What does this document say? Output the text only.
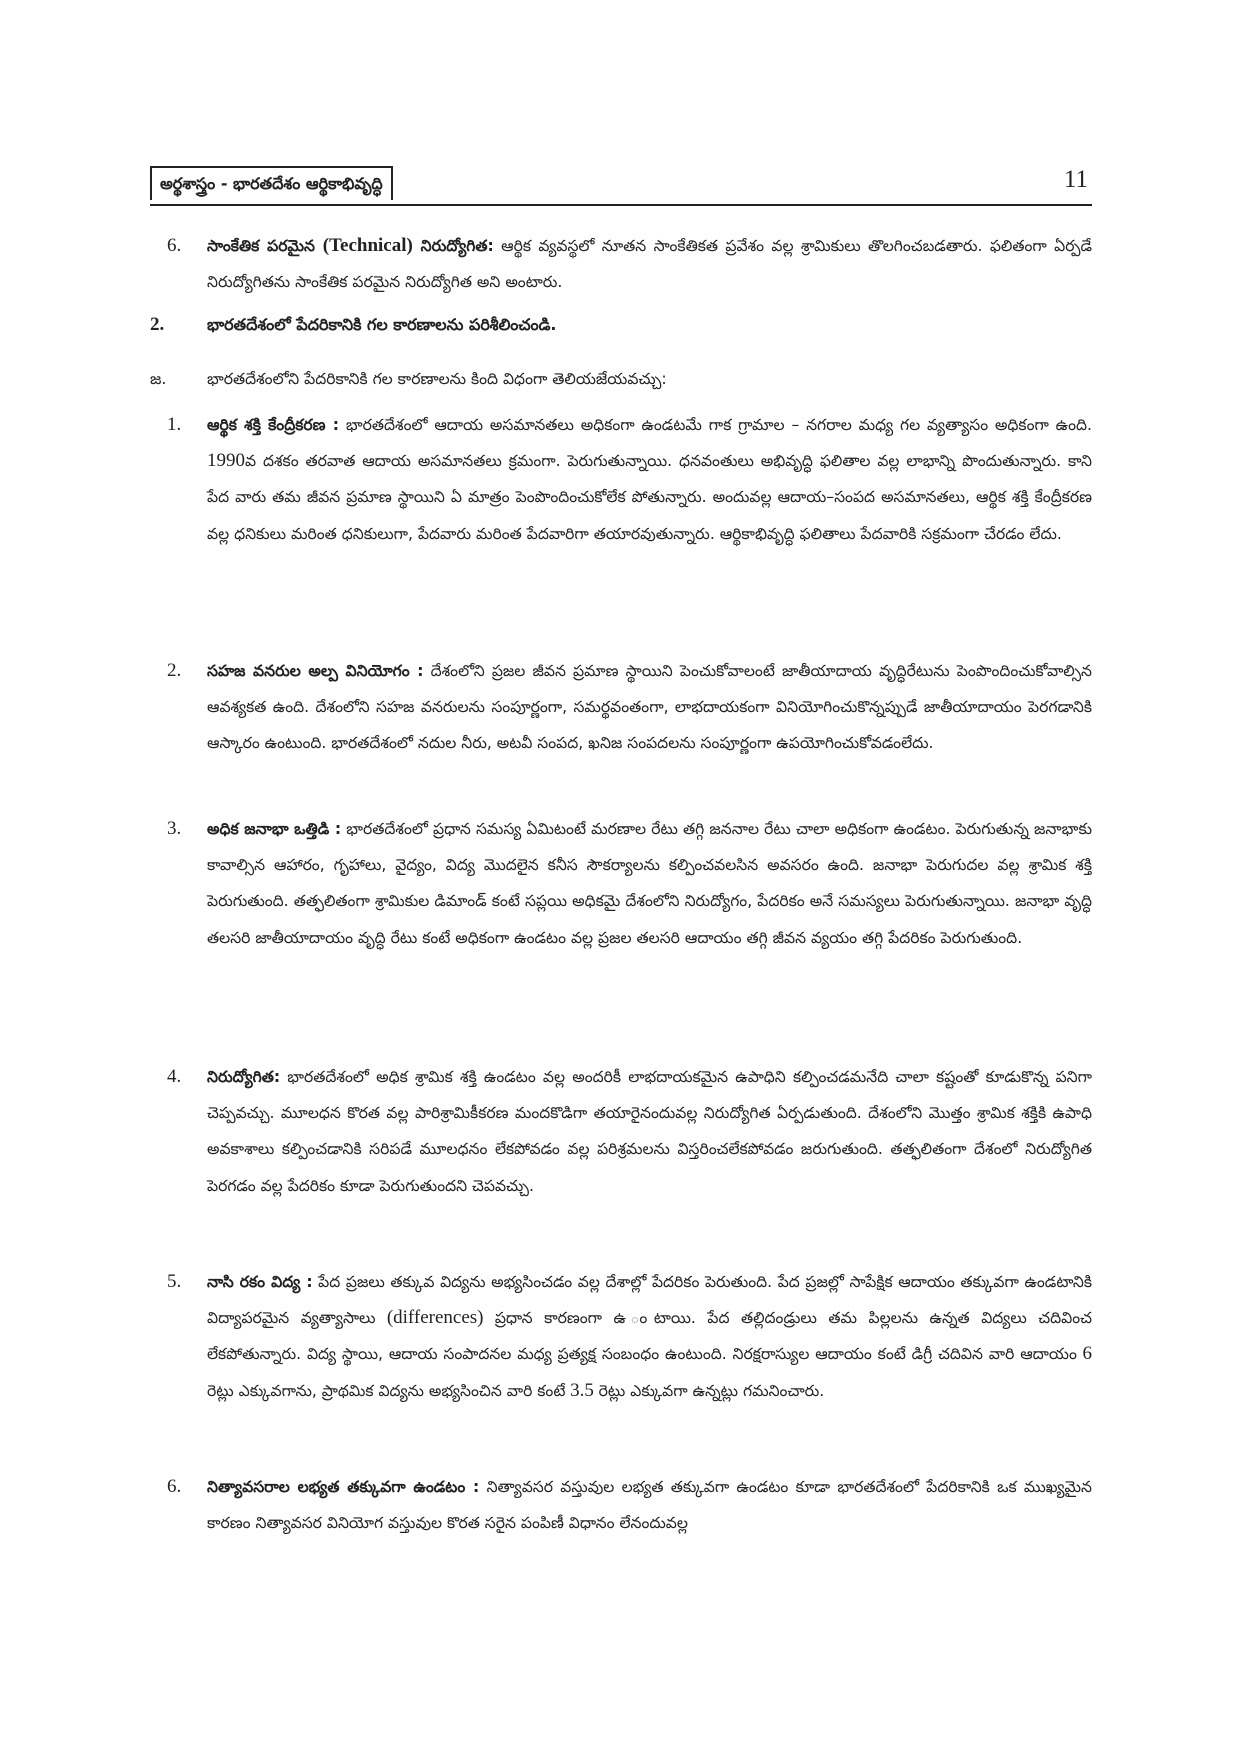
అర్థశాస్త్రం - భారతదేశం ఆర్థికాభివృద్ధి	11
6. సాంకేతిక పరమైన (Technical) నిరుద్యోగిత: ఆర్థిక వ్యవస్థలో నూతన సాంకేతికత ప్రవేశం వల్ల శ్రామికులు తొలగించబడతారు. ఫలితంగా ఏర్పడే నిరుద్యోగితను సాంకేతిక పరమైన నిరుద్యోగిత అని అంటారు.
2.	భారతదేశంలో పేదరికానికి గల కారణాలను పరిశీలించండి.
జ.	భారతదేశంలోని పేదరికానికి గల కారణాలను కింది విధంగా తెలియజేయవచ్చు:
1. ఆర్థిక శక్తి కేంద్రీకరణ : భారతదేశంలో ఆదాయ అసమానతలు అధికంగా ఉండటమే గాక గ్రామాల – నగరాల మధ్య గల వ్యత్యాసం అధికంగా ఉంది. 1990వ దశకం తరవాత ఆదాయ అసమానతలు క్రమంగా. పెరుగుతున్నాయి. ధనవంతులు అభివృద్ధి ఫలితాల వల్ల లాభాన్ని పొందుతున్నారు. కాని పేద వారు తమ జీవన ప్రమాణ స్థాయిని ఏ మాత్రం పెంపొందించుకోలేక పోతున్నారు. అందువల్ల ఆదాయ–సంపద అసమానతలు, ఆర్థిక శక్తి కేంద్రీకరణ వల్ల ధనికులు మరింత ధనికులుగా, పేదవారు మరింత పేదవారిగా తయారవుతున్నారు. ఆర్థికాభివృద్ధి ఫలితాలు పేదవారికి సక్రమంగా చేరడం లేదు.
2. సహజ వనరుల అల్ప వినియోగం : దేశంలోని ప్రజల జీవన ప్రమాణ స్థాయిని పెంచుకోవాలంటే జాతీయాదాయ వృద్ధిరేటును పెంపొందించుకోవాల్సిన ఆవశ్యకత ఉంది. దేశంలోని సహజ వనరులను సంపూర్ణంగా, సమర్థవంతంగా, లాభదాయకంగా వినియోగించుకొన్నప్పుడే జాతీయాదాయం పెరగడానికి ఆస్కారం ఉంటుంది. భారతదేశంలో నదుల నీరు, అటవీ సంపద, ఖనిజ సంపదలను సంపూర్ణంగా ఉపయోగించుకోవడంలేదు.
3. అధిక జనాభా ఒత్తిడి : భారతదేశంలో ప్రధాన సమస్య ఏమిటంటే మరణాల రేటు తగ్గి జననాల రేటు చాలా అధికంగా ఉండటం. పెరుగుతున్న జనాభాకు కావాల్సిన ఆహారం, గృహాలు, వైద్యం, విద్య మొదలైన కనీస సౌకర్యాలను కల్పించవలసిన అవసరం ఉంది. జనాభా పెరుగుదల వల్ల శ్రామిక శక్తి పెరుగుతుంది. తత్ఫలితంగా శ్రామికుల డిమాండ్ కంటే సప్లయి అధికమై దేశంలోని నిరుద్యోగం, పేదరికం అనే సమస్యలు పెరుగుతున్నాయి. జనాభా వృద్ధి తలసరి జాతీయాదాయం వృద్ధి రేటు కంటే అధికంగా ఉండటం వల్ల ప్రజల తలసరి ఆదాయం తగ్గి జీవన వ్యయం తగ్గి పేదరికం పెరుగుతుంది.
4. నిరుద్యోగిత: భారతదేశంలో అధిక శ్రామిక శక్తి ఉండటం వల్ల అందరికీ లాభదాయకమైన ఉపాధిని కల్పించడమనేది చాలా కష్టంతో కూడుకొన్న పనిగా చెప్పవచ్చు. మూలధన కొరత వల్ల పారిశ్రామికీకరణ మందకొడిగా తయారైనందువల్ల నిరుద్యోగిత ఏర్పడుతుంది. దేశంలోని మొత్తం శ్రామిక శక్తికి ఉపాధి అవకాశాలు కల్పించడానికి సరిపడే మూలధనం లేకపోవడం వల్ల పరిశ్రమలను విస్తరించలేకపోవడం జరుగుతుంది. తత్ఫలితంగా దేశంలో నిరుద్యోగిత పెరగడం వల్ల పేదరికం కూడా పెరుగుతుందని చెపవచ్చు.
5. నాసి రకం విద్య : పేద ప్రజలు తక్కువ విద్యను అభ్యసించడం వల్ల దేశాల్లో పేదరికం పెరుతుంది. పేద ప్రజల్లో సాపేక్షిక ఆదాయం తక్కువగా ఉండటానికి విద్యాపరమైన వ్యత్యాసాలు (differences) ప్రధాన కారణంగా ఉ ంటాయి. పేద తల్లిదండ్రులు తమ పిల్లలను ఉన్నత విద్యలు చదివించ లేకపోతున్నారు. విద్య స్థాయి, ఆదాయ సంపాదనల మధ్య ప్రత్యక్ష సంబంధం ఉంటుంది. నిరక్షరాస్యుల ఆదాయం కంటే డిగ్రీ చదివిన వారి ఆదాయం 6 రెట్లు ఎక్కువగాను, ప్రాథమిక విద్యను అభ్యసించిన వారి కంటే 3.5 రెట్లు ఎక్కువగా ఉన్నట్లు గమనించారు.
6. నిత్యావసరాల లభ్యత తక్కువగా ఉండటం : నిత్యావసర వస్తువుల లభ్యత తక్కువగా ఉండటం కూడా భారతదేశంలో పేదరికానికి ఒక ముఖ్యమైన కారణం నిత్యావసర వినియోగ వస్తువుల కొరత సరైన పంపిణీ విధానం లేనందువల్ల
